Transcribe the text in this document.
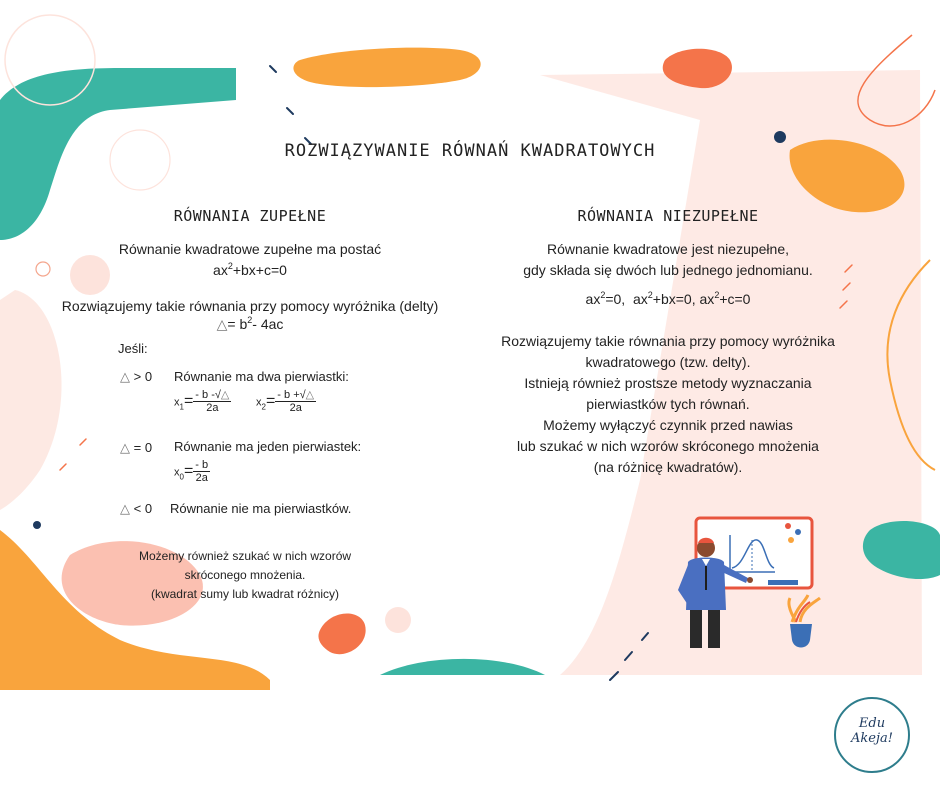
ROZWIĄZYWANIE RÓWNAŃ KWADRATOWYCH
RÓWNANIA ZUPEŁNE
Równanie kwadratowe zupełne ma postać
$ax^2+bx+c=0$
Rozwiązujemy takie równania przy pomocy wyróżnika (delty)
△= $b^2-$ 4ac
Jeśli:
△ > 0 Równanie ma dwa pierwiastki:
$x_1= \frac{- b -√\triangle}{2a} x_2= \frac{- b +√\triangle}{2a}$
△ = 0 Równanie ma jeden pierwiastek:
$x_0= \frac{- b}{2a}$
△ < 0 Równanie nie ma pierwiastków.
Możemy również szukać w nich wzorów
skróconego mnożenia.
(kwadrat sumy lub kwadrat różnicy)
RÓWNANIA NIEZUPEŁNE
Równanie kwadratowe jest niezupełne,
gdy składa się dwóch lub jednego jednomianu.
$ax^2=0$, $ax^2+bx=0$, $ax^2+c=0$
Rozwiązujemy takie równania przy pomocy wyróżnika
kwadratowego (tzw. delty).
Istnieją również prostsze metody wyznaczania
pierwiastków tych równań.
Możemy wyłączyć czynnik przed nawias
lub szukać w nich wzorów skróconego mnożenia
(na różnicę kwadratów).
Edu
Akeja!
